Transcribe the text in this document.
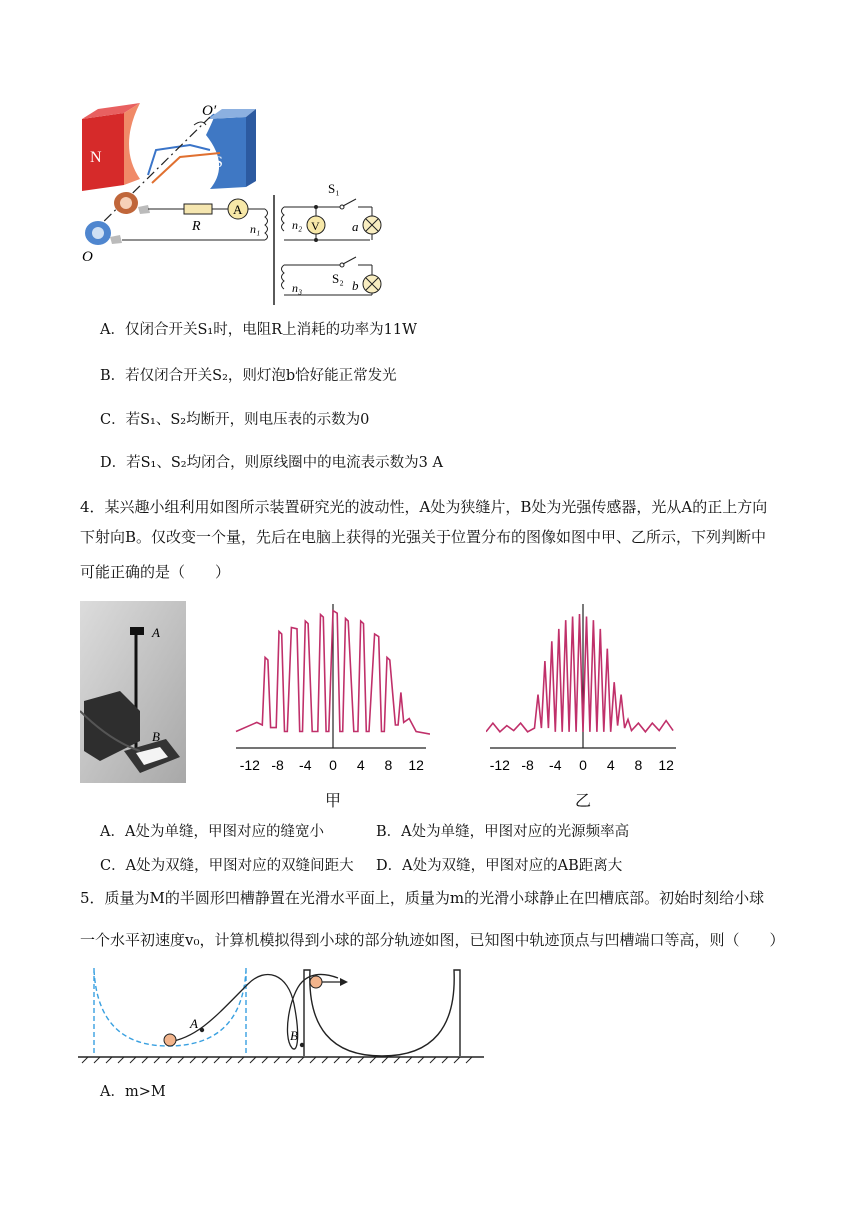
N	S
O′
O
R
A
n₁	n₂ V
S₁
a
n₃
S₂ b
A．仅闭合开关S₁时，电阻R上消耗的功率为11W
B．若仅闭合开关S₂，则灯泡b恰好能正常发光
C．若S₁、S₂均断开，则电压表的示数为0
D．若S₁、S₂均闭合，则原线圈中的电流表示数为3 A
4．某兴趣小组利用如图所示装置研究光的波动性，A处为狭缝片，B处为光强传感器，光从A的正上方向
下射向B。仅改变一个量，先后在电脑上获得的光强关于位置分布的图像如图中甲、乙所示，下列判断中
可能正确的是（　　）
A
B
-12 -8 -4 0 4 8 12
甲
-12 -8 -4 0 4 8 12
乙
A．A处为单缝，甲图对应的缝宽小	B．A处为单缝，甲图对应的光源频率高
C．A处为双缝，甲图对应的双缝间距大 D．A处为双缝，甲图对应的AB距离大
5．质量为M的半圆形凹槽静置在光滑水平面上，质量为m的光滑小球静止在凹槽底部。初始时刻给小球
一个水平初速度v₀，计算机模拟得到小球的部分轨迹如图，已知图中轨迹顶点与凹槽端口等高，则（　　）
A
B
A．m>M
